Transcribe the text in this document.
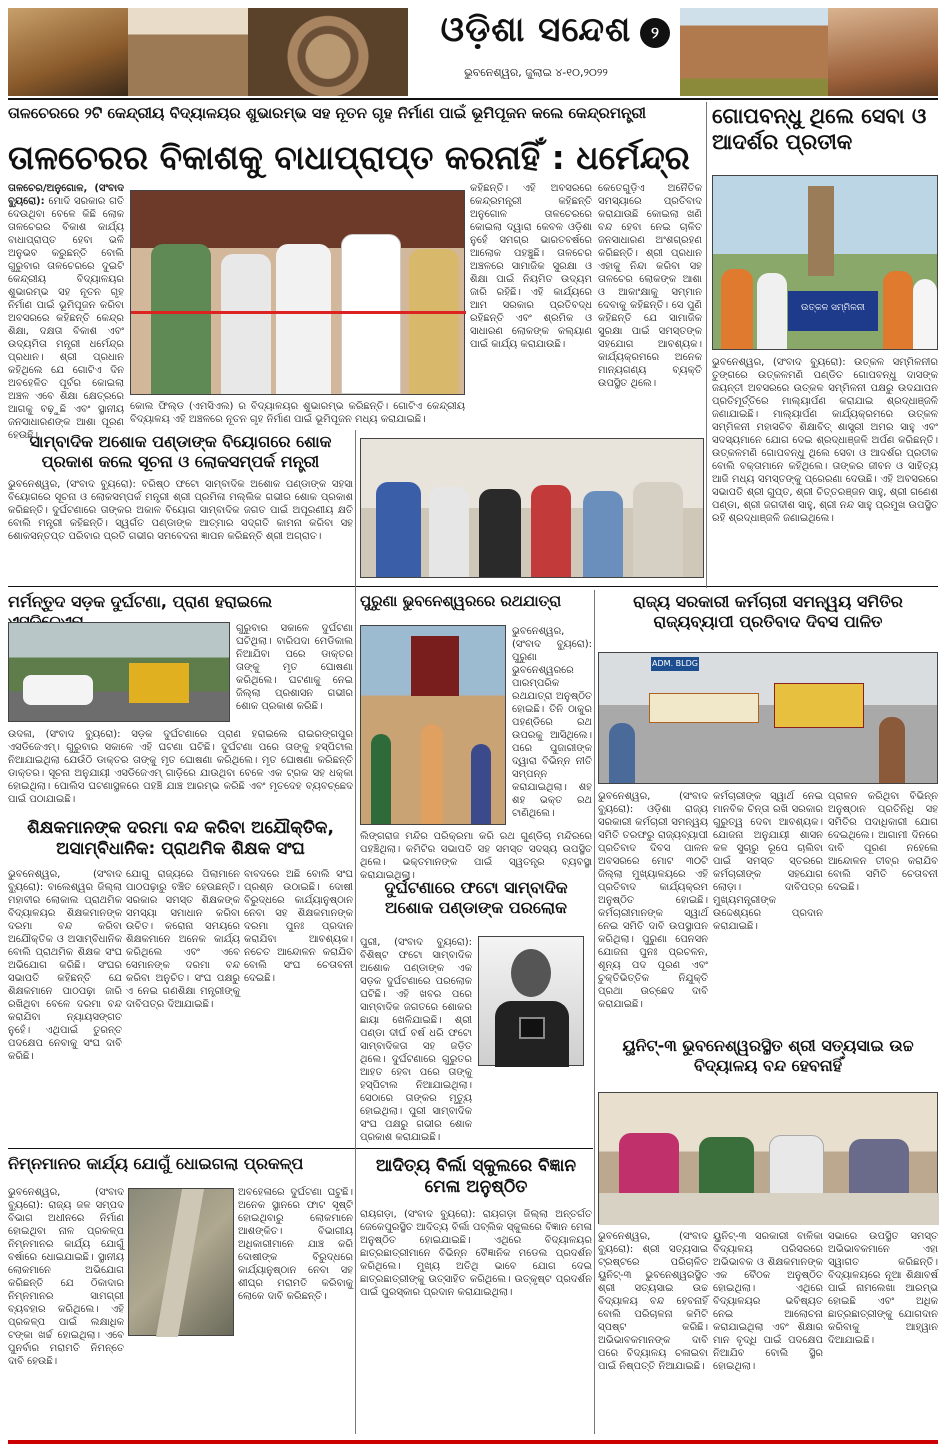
ଓଡ଼ିଶା ସନ୍ଦେଶ	୨
ଭୁବନେଶ୍ୱର, ଜୁଲାଇ ୪-୧୦,୨୦୨୨
ତାଳଚେରରେ ୨ଟି କେନ୍ଦ୍ରୀୟ ବିଦ୍ୟାଳୟର ଶୁଭାରମ୍ଭ ସହ ନୂତନ ଗୃହ ନିର୍ମାଣ ପାଇଁ ଭୂମିପୂଜନ କଲେ କେନ୍ଦ୍ରମନ୍ତ୍ରୀ
ତାଳଚେରର ବିକାଶକୁ ବାଧାପ୍ରାପ୍ତ କରନାହିଁ : ଧର୍ମେନ୍ଦ୍ର
ତାଳଚେର/ଅନୁଗୋଳ, (ସଂବାଦ ବ୍ୟୁରୋ): ମୋଦି ସରକାର ଗତି ଦେଉଥିବା ବେଳେ କିଛି ଲୋକ ତାଳଚେରର ବିକାଶ କାର୍ଯ୍ୟ ବାଧାପ୍ରାପ୍ତ ହେବା ଭଳି ଅନୁଭବ କରୁଛନ୍ତି ବୋଲି ଗୁରୁବାର ତାଳଚେରରେ ଦୁଇଟି କେନ୍ଦ୍ରୀୟ ବିଦ୍ୟାଳୟର ଶୁଭାରମ୍ଭ ସହ ନୂତନ ଗୃହ ନିର୍ମାଣ ପାଇଁ ଭୂମିପୂଜନ କରିବା ଅବସରରେ କହିଛନ୍ତି କେନ୍ଦ୍ର ଶିକ୍ଷା, ଦକ୍ଷତା ବିକାଶ ଏବଂ ଉଦ୍ୟମିତା ମନ୍ତ୍ରୀ ଧର୍ମେନ୍ଦ୍ର ପ୍ରଧାନ। ଶ୍ରୀ ପ୍ରଧାନ କହିଥିଲେ ଯେ ଗୋଟିଏ ଦିନ ଅବହେଳିତ ପୂର୍ବର କୋଇଲା ଅଞ୍ଚଳ ଏବେ ଶିକ୍ଷା କ୍ଷେତ୍ରରେ ଆଗକୁ ବଢ଼ୁଛି ଏବଂ ସ୍ଥାନୀୟ ଜନସାଧାରଣଙ୍କ ଆଶା ପୂରଣ ହେଉଛି।
କୋଲ ଫିଲ୍ଡ (ଏମସିଏଲ) ର ବିଦ୍ୟାଳୟର ଶୁଭାରମ୍ଭ କରିଛନ୍ତି। ଗୋଟିଏ କେନ୍ଦ୍ରୀୟ ବିଦ୍ୟାଳୟ ଏହି ଅଞ୍ଚଳରେ ନୂତନ ଗୃହ ନିର୍ମାଣ ପାଇଁ ଭୂମିପୂଜନ ମଧ୍ୟ କରାଯାଇଛି।
କହିଛନ୍ତି। ଏହି ଅବସରରେ କେନ୍ଦ୍ରମନ୍ତ୍ରୀ କହିଛନ୍ତି ଅନୁଗୋଳ ତାଳଚେରରେ କୋଇଲା ଦ୍ୱାରା କେବଳ ଓଡ଼ିଶା ନୁହେଁ ସମଗ୍ର ଭାରତବର୍ଷରେ ଆଲୋକ ପହଞ୍ଚୁଛି। ତାଳଚେର ଅଞ୍ଚଳରେ ସାମାଜିକ ସୁରକ୍ଷା ଓ ଶିକ୍ଷା ପାଇଁ ନିୟମିତ ଉଦ୍ୟମ ଜାରି ରହିଛି। ଏହି କାର୍ଯ୍ୟରେ ଆମ ସରକାର ପ୍ରତିବଦ୍ଧ ରହିଛନ୍ତି ଏବଂ ଶ୍ରମିକ ଓ ସାଧାରଣ ଲୋକଙ୍କ କଲ୍ୟାଣ ପାଇଁ କାର୍ଯ୍ୟ କରାଯାଉଛି।
କେତେଗୁଡ଼ିଏ ଅନୈତିକ ସମସ୍ୟାରେ ପ୍ରତିବାଦ କରାଯାଉଛି କୋଇଲା ଖଣି ବନ୍ଦ ହେବା ନେଇ ଚାଳିତ ଜନସାଧାରଣ ଅଂଶଗ୍ରହଣ କରିଛନ୍ତି। ଶ୍ରୀ ପ୍ରଧାନ ଏହାକୁ ନିନ୍ଦା କରିବା ସହ ତାଳଚେର ଲୋକଙ୍କ ଆଶା ଓ ଆକାଂକ୍ଷାକୁ ସମ୍ମାନ ଦେବାକୁ କହିଛନ୍ତି। ସେ ପୁଣି କହିଛନ୍ତି ଯେ ସାମାଜିକ ସୁରକ୍ଷା ପାଇଁ ସମସ୍ତଙ୍କ ସହଯୋଗ ଆବଶ୍ୟକ। କାର୍ଯ୍ୟକ୍ରମରେ ଅନେକ ମାନ୍ୟଗଣ୍ୟ ବ୍ୟକ୍ତି ଉପସ୍ଥିତ ଥିଲେ।
ଗୋପବନ୍ଧୁ ଥିଲେ ସେବା ଓ ଆଦର୍ଶର ପ୍ରତୀକ
ଉତ୍କଳ ସମ୍ମିଳନୀ
ଭୁବନେଶ୍ୱର, (ସଂବାଦ ବ୍ୟୁରୋ): ଉତ୍କଳ ସମ୍ମିଳନୀର ତୁଙ୍ଗରେ ଉତ୍କଳମଣି ପଣ୍ଡିତ ଗୋପବନ୍ଧୁ ଦାସଙ୍କ ଜୟନ୍ତୀ ଅବସରରେ ଉତ୍କଳ ସମ୍ମିଳନୀ ପକ୍ଷରୁ ଉଦଯାପନ ପ୍ରତିମୂର୍ତ୍ତିରେ ମାଲ୍ୟାର୍ପଣ କରାଯାଇ ଶ୍ରଦ୍ଧାଞ୍ଜଳି ଜଣାଯାଇଛି। ମାଲ୍ୟାର୍ପଣ କାର୍ଯ୍ୟକ୍ରମରେ ଉତ୍କଳ ସମ୍ମିଳନୀ ମହାସଚିବ ଶିକ୍ଷାବିତ୍ ଶାସ୍ତ୍ରୀ ଅମର ସାହୁ ଏବଂ ସଦସ୍ୟମାନେ ଯୋଗ ଦେଇ ଶ୍ରଦ୍ଧାଞ୍ଜଳି ଅର୍ପଣ କରିଛନ୍ତି। ଉତ୍କଳମଣି ଗୋପବନ୍ଧୁ ଥିଲେ ସେବା ଓ ଆଦର୍ଶର ପ୍ରତୀକ ବୋଲି ବକ୍ତାମାନେ କହିଥିଲେ। ତାଙ୍କର ଜୀବନ ଓ ସାହିତ୍ୟ ଆଜି ମଧ୍ୟ ସମସ୍ତଙ୍କୁ ପ୍ରେରଣା ଦେଉଛି। ଏହି ଅବସରରେ ସଭାପତି ଶ୍ରୀ ଗୁପ୍ତ, ଶ୍ରୀ ଚିତ୍ତରଞ୍ଜନ ସାହୁ, ଶ୍ରୀ ଗଣେଶ ପଣ୍ଡା, ଶ୍ରୀ ଜଗଦୀଶ ସାହୁ, ଶ୍ରୀ ନନ୍ଦ ସାହୁ ପ୍ରମୁଖ ଉପସ୍ଥିତ ରହି ଶ୍ରଦ୍ଧାଞ୍ଜଳି ଜଣାଇଥିଲେ।
ସାମ୍ବାଦିକ ଅଶୋକ ପଣ୍ଡାଙ୍କ ବିୟୋଗରେ ଶୋକ ପ୍ରକାଶ କଲେ ସୂଚନା ଓ ଲୋକସମ୍ପର୍କ ମନ୍ତ୍ରୀ
ଭୁବନେଶ୍ୱର, (ସଂବାଦ ବ୍ୟୁରୋ): ବରିଷ୍ଠ ଫଟୋ ସାମ୍ବାଦିକ ଅଶୋକ ପଣ୍ଡାଙ୍କ ସହସା ବିୟୋଗରେ ସୂଚନା ଓ ଲୋକସମ୍ପର୍କ ମନ୍ତ୍ରୀ ଶ୍ରୀ ପ୍ରମିଳା ମଲ୍ଲିକ ଗଭୀର ଶୋକ ପ୍ରକାଶ କରିଛନ୍ତି। ଦୁର୍ଘଟଣାରେ ତାଙ୍କର ଅକାଳ ବିୟୋଗ ସାମ୍ବାଦିକ ଜଗତ ପାଇଁ ଅପୂରଣୀୟ କ୍ଷତି ବୋଲି ମନ୍ତ୍ରୀ କହିଛନ୍ତି। ସ୍ୱର୍ଗତ ପଣ୍ଡାଙ୍କ ଆତ୍ମାର ସଦ୍‌ଗତି କାମନା କରିବା ସହ ଶୋକସନ୍ତପ୍ତ ପରିବାର ପ୍ରତି ଗଭୀର ସମବେଦନା ଜ୍ଞାପନ କରିଛନ୍ତି ଶ୍ରୀ ଅଗ୍ରାତ।
ମର୍ମନ୍ତୁଦ ସଡ଼କ ଦୁର୍ଘଟଣା, ପ୍ରାଣ ହରାଇଲେ
ଗୁରୁବାର ସକାଳେ ଦୁର୍ଘଟଣା ଘଟିଥିଲା। ବାରିପଦା ମେଡିକାଲ ନିଆଯିବା ପରେ ଡାକ୍ତର ତାଙ୍କୁ ମୃତ ଘୋଷଣା କରିଥିଲେ। ଘଟଣାକୁ ନେଇ ଜିଲ୍ଲା ପ୍ରଶାସନ ଗଭୀର ଶୋକ ପ୍ରକାଶ କରିଛି।
ଉଦଳା, (ସଂବାଦ ବ୍ୟୁରୋ): ସଡ଼କ ଦୁର୍ଘଟଣାରେ ପ୍ରାଣ ହରାଇଲେ ରାଇରଙ୍ଗପୁର ଏସଡିଜେଏମ୍। ଗୁରୁବାର ସକାଳେ ଏହି ଘଟଣା ଘଟିଛି। ଦୁର୍ଘଟଣା ପରେ ତାଙ୍କୁ ହସ୍ପିଟାଲ ନିଆଯାଇଥିଲା ଯେଉଁଠି ଡାକ୍ତର ତାଙ୍କୁ ମୃତ ଘୋଷଣା କରିଥିଲେ। ମୃତ ଘୋଷଣା କରିଛନ୍ତି ଡାକ୍ତର। ସୂଚନା ଅନୁଯାୟୀ ଏସଡିଜେଏମ୍ ଗାଡ଼ିରେ ଯାଉଥିବା ବେଳେ ଏକ ଟ୍ରକ ସହ ଧକ୍କା ହୋଇଥିଲା। ପୋଲିସ ଘଟଣାସ୍ଥଳରେ ପହଞ୍ଚି ଯାଞ୍ଚ ଆରମ୍ଭ କରିଛି ଏବଂ ମୃତଦେହ ବ୍ୟବଚ୍ଛେଦ ପାଇଁ ପଠାଯାଇଛି।
ପୁରୁଣା ଭୁବନେଶ୍ୱରରେ ରଥଯାତ୍ରା
ଭୁବନେଶ୍ୱର, (ସଂବାଦ ବ୍ୟୁରୋ): ପୁରୁଣା ଭୁବନେଶ୍ୱରରେ ପାରମ୍ପରିକ ରଥଯାତ୍ରା ଅନୁଷ୍ଠିତ ହୋଇଛି। ତିନି ଠାକୁର ପହଣ୍ଡିରେ ରଥ ଉପରକୁ ଆସିଥିଲେ। ପରେ ପୁଜାରୀଙ୍କ ଦ୍ୱାରା ବିଭିନ୍ନ ନୀତି ସମ୍ପନ୍ନ କରାଯାଇଥିଲା। ଶହ ଶହ ଭକ୍ତ ରଥ ଟାଣିଥିଲେ।
ଲିଙ୍ଗରାଜ ମନ୍ଦିର ପରିକ୍ରମା କରି ରଥ ଗୁଣ୍ଡିଚା ମନ୍ଦିରରେ ପହଞ୍ଚିଥିଲା। କମିଟିର ସଭାପତି ସହ ସମସ୍ତ ସଦସ୍ୟ ଉପସ୍ଥିତ ଥିଲେ। ଭକ୍ତମାନଙ୍କ ପାଇଁ ସ୍ୱତନ୍ତ୍ର ବ୍ୟବସ୍ଥା କରାଯାଇଥିଲା।
ରାଜ୍ୟ ସରକାରୀ କର୍ମଚାରୀ ସମନ୍ୱୟ ସମିତିର ରାଜ୍ୟବ୍ୟାପୀ ପ୍ରତିବାଦ ଦିବସ ପାଳିତ
ADM. BLDG
ଭୁବନେଶ୍ୱର, (ସଂବାଦ ବ୍ୟୁରୋ): ଓଡ଼ିଶା ରାଜ୍ୟ ସରକାରୀ କର୍ମଚାରୀ ସମନ୍ୱୟ ସମିତି ତରଫରୁ ରାଜ୍ୟବ୍ୟାପୀ ପ୍ରତିବାଦ ଦିବସ ପାଳନ ଅବସରରେ ମୋଟ ୩୦ଟି ଜିଲ୍ଲା ମୁଖ୍ୟାଳୟରେ ଏହି ପ୍ରତିବାଦ କାର୍ଯ୍ୟକ୍ରମ ଅନୁଷ୍ଠିତ ହୋଇଛି। କର୍ମଚାରୀମାନଙ୍କ ସ୍ୱାର୍ଥ ନେଇ ସମିତି ଦାବି ଉପସ୍ଥାପନ କରିଥିଲା। ପୁରୁଣା ପେନସନ ଯୋଜନା ପୁନଃ ପ୍ରଚଳନ, ଶୂନ୍ୟ ପଦ ପୂରଣ ଏବଂ ଚୁକ୍ତିଭିତ୍ତିକ ନିଯୁକ୍ତି ପ୍ରଥା ଉଚ୍ଛେଦ ଦାବି କରାଯାଇଛି।
କର୍ମଚାରୀଙ୍କ ସ୍ୱାର୍ଥ ନେଇ ମାନବିକ ଚିନ୍ତା ରଖି ସରକାର ଗୁରୁତ୍ୱ ଦେବା ଆବଶ୍ୟକ। ଯୋଜନା ଅନୁଯାୟୀ ଶାସନ କଳ ସୁଚାରୁ ରୂପେ ଚାଲିବା ପାଇଁ ସମସ୍ତ ସ୍ତରରେ କର୍ମଚାରୀଙ୍କ ସହଯୋଗ ଲୋଡ଼ା। ଦାବିପତ୍ର ମୁଖ୍ୟମନ୍ତ୍ରୀଙ୍କ ଉଦ୍ଦେଶ୍ୟରେ ପ୍ରଦାନ କରାଯାଇଛି।
ପ୍ରାଳନ କରିଥିବା ବିଭିନ୍ନ ଅନୁଷ୍ଠାନ ପ୍ରତିନିଧି ସହ ସମିତିର ପଦାଧିକାରୀ ଯୋଗ ଦେଇଥିଲେ। ଆଗାମୀ ଦିନରେ ଦାବି ପୂରଣ ନହେଲେ ଆନ୍ଦୋଳନ ତୀବ୍ର କରାଯିବ ବୋଲି ସମିତି ଚେତାବନୀ ଦେଇଛି।
ଶିକ୍ଷକମାନଙ୍କ ଦରମା ବନ୍ଦ କରିବା ଅଯୌକ୍ତିକ, ଅସାମ୍ବିଧାନିକ: ପ୍ରାଥମିକ ଶିକ୍ଷକ ସଂଘ
ଭୁବନେଶ୍ୱର, (ସଂବାଦ ବ୍ୟୁରୋ): ବାଲେଶ୍ୱର ଜିଲ୍ଲା ମହାବୀର ଲୋକାଲ ପ୍ରାଥମିକ ବିଦ୍ୟାଳୟର ଶିକ୍ଷକମାନଙ୍କ ଦରମା ବନ୍ଦ କରିବା ଅଯୌକ୍ତିକ ଓ ଅସାମ୍ବିଧାନିକ ବୋଲି ପ୍ରାଥମିକ ଶିକ୍ଷକ ସଂଘ ଅଭିଯୋଗ କରିଛି। ସଂଘର ସଭାପତି କହିଛନ୍ତି ଯେ ଶିକ୍ଷକମାନେ ପାଠପଢ଼ା ଜାରି ରଖିଥିବା ବେଳେ ଦରମା ବନ୍ଦ କରାଯିବା ନ୍ୟାୟସଙ୍ଗତ ନୁହେଁ। ଏଥିପାଇଁ ତୁରନ୍ତ ପଦକ୍ଷେପ ନେବାକୁ ସଂଘ ଦାବି କରିଛି।
ଯୋଗୁ ରାଜ୍ୟରେ ପିଲାମାନେ ପାଠପଢ଼ାରୁ ବଞ୍ଚିତ ହେଉଛନ୍ତି। ସରକାର ସମସ୍ତ ଶିକ୍ଷକଙ୍କ ସମସ୍ୟା ସମାଧାନ କରିବା ଉଚିତ। କରୋନା ସମୟରେ ଶିକ୍ଷକମାନେ ଅନେକ କାର୍ଯ୍ୟ କରିଥିଲେ ଏବଂ ଏବେ ସେମାନଙ୍କ ଦରମା ବନ୍ଦ କରିବା ଅନୁଚିତ। ସଂଘ ପକ୍ଷରୁ ଏ ନେଇ ଗଣଶିକ୍ଷା ମନ୍ତ୍ରୀଙ୍କୁ ଦାବିପତ୍ର ଦିଆଯାଇଛି।
ବାବଦରେ ଅଛି ବୋଲି ସଂଘ ପ୍ରଶ୍ନ ଉଠାଇଛି। ଦୋଷୀ ବିରୁଦ୍ଧରେ କାର୍ଯ୍ୟାନୁଷ୍ଠାନ ନେବା ସହ ଶିକ୍ଷକମାନଙ୍କ ଦରମା ପୁନଃ ପ୍ରଦାନ କରାଯିବା ଆବଶ୍ୟକ। ନଚେତ ଆନ୍ଦୋଳନ କରାଯିବ ବୋଲି ସଂଘ ଚେତାବନୀ ଦେଇଛି।
ଦୁର୍ଘଟଣାରେ ଫଟୋ ସାମ୍ବାଦିକ ଅଶୋକ ପଣ୍ଡାଙ୍କ ପରଲୋକ
ପୁରୀ, (ସଂବାଦ ବ୍ୟୁରୋ): ବିଶିଷ୍ଟ ଫଟୋ ସାମ୍ବାଦିକ ଅଶୋକ ପଣ୍ଡାଙ୍କ ଏକ ସଡ଼କ ଦୁର୍ଘଟଣାରେ ପରଲୋକ ଘଟିଛି। ଏହି ଖବର ପରେ ସାମ୍ବାଦିକ ଜଗତରେ ଶୋକର ଛାୟା ଖେଳିଯାଇଛି। ଶ୍ରୀ ପଣ୍ଡା ଦୀର୍ଘ ବର୍ଷ ଧରି ଫଟୋ ସାମ୍ବାଦିକତା ସହ ଜଡ଼ିତ ଥିଲେ। ଦୁର୍ଘଟଣାରେ ଗୁରୁତର ଆହତ ହେବା ପରେ ତାଙ୍କୁ ହସ୍ପିଟାଲ ନିଆଯାଇଥିଲା। ସେଠାରେ ତାଙ୍କର ମୃତ୍ୟୁ ହୋଇଥିଲା। ପୁରୀ ସାମ୍ବାଦିକ ସଂଘ ପକ୍ଷରୁ ଗଭୀର ଶୋକ ପ୍ରକାଶ କରାଯାଇଛି।
ୟୁନିଟ୍-୩ ଭୁବନେଶ୍ୱରସ୍ଥିତ ଶ୍ରୀ ସତ୍ୟସାଇ ଉଚ୍ଚ ବିଦ୍ୟାଳୟ ବନ୍ଦ ହେବନାହିଁ
ଭୁବନେଶ୍ୱର, (ସଂବାଦ ବ୍ୟୁରୋ): ଶ୍ରୀ ସତ୍ୟସାଇ ଟ୍ରଷ୍ଟରେ ପରିଚାଳିତ ୟୁନିଟ୍-୩ ଭୁବନେଶ୍ୱରସ୍ଥିତ ଶ୍ରୀ ସତ୍ୟସାଇ ଉଚ୍ଚ ବିଦ୍ୟାଳୟ ବନ୍ଦ ହେବନାହିଁ ବୋଲି ପରିଚାଳନା କମିଟି ସ୍ପଷ୍ଟ କରିଛି। ଅଭିଭାବକମାନଙ୍କ ଦାବି ପରେ ବିଦ୍ୟାଳୟ ଚଳାଇବା ପାଇଁ ନିଷ୍ପତ୍ତି ନିଆଯାଇଛି।
ୟୁନିଟ୍-୩ ସରକାରୀ ବାଳିକା ବିଦ୍ୟାଳୟ ପରିସରରେ ଅଭିଭାବକ ଓ ଶିକ୍ଷକମାନଙ୍କ ଏକ ବୈଠକ ଅନୁଷ୍ଠିତ ହୋଇଥିଲା। ଏଥିରେ ବିଦ୍ୟାଳୟର ଭବିଷ୍ୟତ ନେଇ ଆଲୋଚନା କରାଯାଇଥିଲା ଏବଂ ଶିକ୍ଷାର ମାନ ବୃଦ୍ଧି ପାଇଁ ପଦକ୍ଷେପ ନିଆଯିବ ବୋଲି ସ୍ଥିର ହୋଇଥିଲା।
ସଭାରେ ଉପସ୍ଥିତ ସମସ୍ତ ଅଭିଭାବକମାନେ ଏହା ସ୍ୱାଗତ କରିଛନ୍ତି। ବିଦ୍ୟାଳୟରେ ନୂଆ ଶିକ୍ଷାବର୍ଷ ପାଇଁ ନାମଲେଖା ଆରମ୍ଭ ହୋଇଛି ଏବଂ ଅଧିକ ଛାତ୍ରଛାତ୍ରୀଙ୍କୁ ଯୋଗଦାନ କରିବାକୁ ଆହ୍ୱାନ ଦିଆଯାଇଛି।
ନିମ୍ନମାନର କାର୍ଯ୍ୟ ଯୋଗୁଁ ଧୋଇଗଲା ପ୍ରକଳ୍ପ
ଭୁବନେଶ୍ୱର, (ସଂବାଦ ବ୍ୟୁରୋ): ରାଜ୍ୟ ଜଳ ସମ୍ପଦ ବିଭାଗ ଅଧୀନରେ ନିର୍ମାଣ ହୋଇଥିବା ନାଳ ପ୍ରକଳ୍ପ ନିମ୍ନମାନର କାର୍ଯ୍ୟ ଯୋଗୁଁ ବର୍ଷାରେ ଧୋଇଯାଇଛି। ସ୍ଥାନୀୟ ଲୋକମାନେ ଅଭିଯୋଗ କରିଛନ୍ତି ଯେ ଠିକାଦାର ନିମ୍ନମାନର ସାମଗ୍ରୀ ବ୍ୟବହାର କରିଥିଲେ। ଏହି ପ୍ରକଳ୍ପ ପାଇଁ ଲକ୍ଷାଧିକ ଟଙ୍କା ଖର୍ଚ୍ଚ ହୋଇଥିଲା। ଏବେ ପୁନର୍ବାର ମରାମତି ନିମନ୍ତେ ଦାବି ହେଉଛି।
ଅବହେଳାରେ ଦୁର୍ଘଟଣା ଘଟୁଛି। ଅନେକ ସ୍ଥାନରେ ଫାଟ ସୃଷ୍ଟି ହୋଇଥିବାରୁ ଲୋକମାନେ ଆଶଙ୍କିତ। ବିଭାଗୀୟ ଅଧିକାରୀମାନେ ଯାଞ୍ଚ କରି ଦୋଷୀଙ୍କ ବିରୁଦ୍ଧରେ କାର୍ଯ୍ୟାନୁଷ୍ଠାନ ନେବା ସହ ଶୀଘ୍ର ମରାମତି କରିବାକୁ ଲୋକେ ଦାବି କରିଛନ୍ତି।
ଆଦିତ୍ୟ ବିର୍ଲା ସ୍କୁଲରେ ବିଜ୍ଞାନ ମେଳା ଅନୁଷ୍ଠିତ
ରାୟଗଡ଼ା, (ସଂବାଦ ବ୍ୟୁରୋ): ରାୟଗଡ଼ା ଜିଲ୍ଲା ଅନ୍ତର୍ଗତ ଜେକେପୁରସ୍ଥିତ ଆଦିତ୍ୟ ବିର୍ଲା ପବ୍ଲିକ ସ୍କୁଲରେ ବିଜ୍ଞାନ ମେଳା ଅନୁଷ୍ଠିତ ହୋଇଯାଇଛି। ଏଥିରେ ବିଦ୍ୟାଳୟର ଛାତ୍ରଛାତ୍ରୀମାନେ ବିଭିନ୍ନ ବୈଜ୍ଞାନିକ ମଡେଲ ପ୍ରଦର୍ଶନ କରିଥିଲେ। ମୁଖ୍ୟ ଅତିଥି ଭାବେ ଯୋଗ ଦେଇ ଛାତ୍ରଛାତ୍ରୀଙ୍କୁ ଉତ୍ସାହିତ କରିଥିଲେ। ଉତ୍କୃଷ୍ଟ ପ୍ରଦର୍ଶନ ପାଇଁ ପୁରସ୍କାର ପ୍ରଦାନ କରାଯାଇଥିଲା।
